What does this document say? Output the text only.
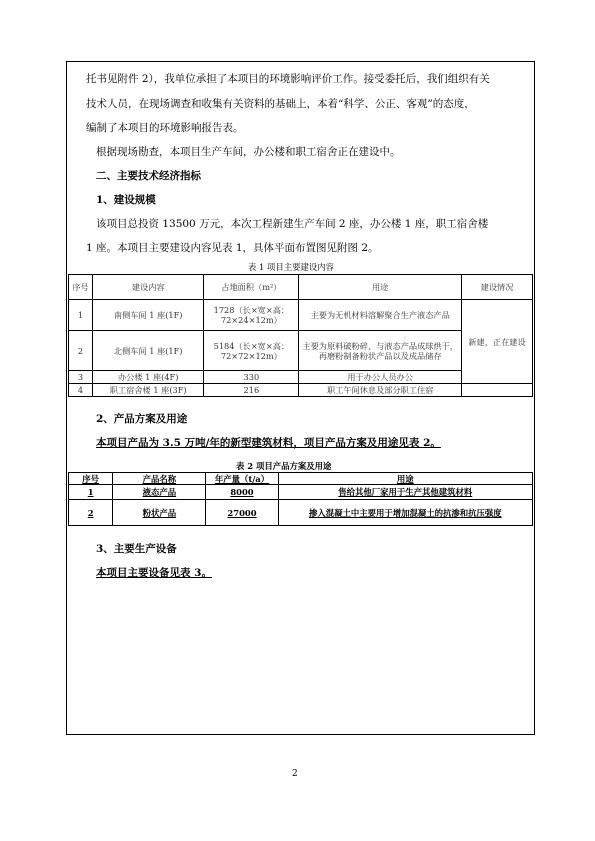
托书见附件 2），我单位承担了本项目的环境影响评价工作。接受委托后，我们组织有关
技术人员，在现场调查和收集有关资料的基础上，本着“科学、公正、客观”的态度，
编制了本项目的环境影响报告表。
根据现场勘查，本项目生产车间，办公楼和职工宿舍正在建设中。
二、主要技术经济指标
1、建设规模
该项目总投资 13500 万元，本次工程新建生产车间 2 座，办公楼 1 座，职工宿舍楼
1 座。本项目主要建设内容见表 1，具体平面布置图见附图 2。
表 1 项目主要建设内容
序号	建设内容	占地面积（m²）	用途	建设情况
1	南侧车间 1 座(1F)	1728（长×宽×高：72×24×12m）	主要为无机材料溶解聚合生产液态产品	新建，正在建设
2	北侧车间 1 座(1F)	5184（长×宽×高：72×72×12m）	主要为原料破粉碎、与液态产品成球烘干，再磨粉制备粉状产品以及成品储存	
3	办公楼 1 座(4F)	330	用于办公人员办公	
4	职工宿舍楼 1 座(3F)	216	职工午间休息及部分职工住宿	
2、产品方案及用途
本项目产品为 3.5 万吨/年的新型建筑材料，项目产品方案及用途见表 2。
表 2 项目产品方案及用途
序号	产品名称	年产量（t/a）	用途
1	液态产品	8000	售给其他厂家用于生产其他建筑材料
2	粉状产品	27000	掺入混凝土中主要用于增加混凝土的抗渗和抗压强度
3、主要生产设备
本项目主要设备见表 3。
2
